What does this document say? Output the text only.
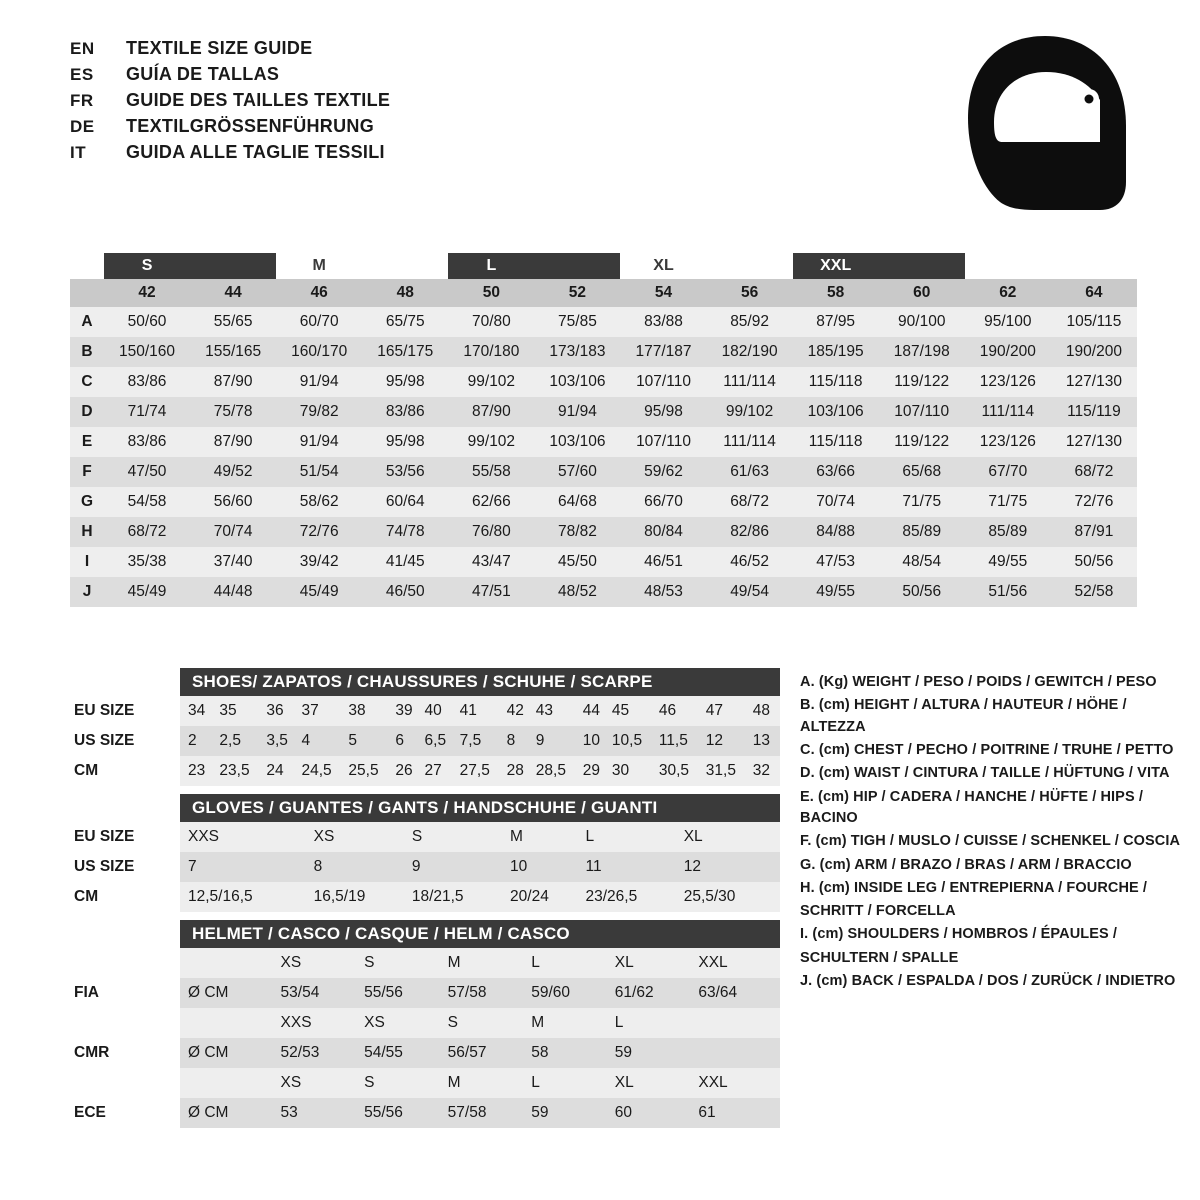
EN	TEXTILE SIZE GUIDE
ES	GUÍA DE TALLAS
FR	GUIDE DES TAILLES TEXTILE
DE	TEXTILGRÖSSENFÜHRUNG
IT	GUIDA ALLE TAGLIE TESSILI
	S		M		L		XL		XXL			
	42	44	46	48	50	52	54	56	58	60	62	64
A	50/60	55/65	60/70	65/75	70/80	75/85	83/88	85/92	87/95	90/100	95/100	105/115
B	150/160	155/165	160/170	165/175	170/180	173/183	177/187	182/190	185/195	187/198	190/200	190/200
C	83/86	87/90	91/94	95/98	99/102	103/106	107/110	111/114	115/118	119/122	123/126	127/130
D	71/74	75/78	79/82	83/86	87/90	91/94	95/98	99/102	103/106	107/110	111/114	115/119
E	83/86	87/90	91/94	95/98	99/102	103/106	107/110	111/114	115/118	119/122	123/126	127/130
F	47/50	49/52	51/54	53/56	55/58	57/60	59/62	61/63	63/66	65/68	67/70	68/72
G	54/58	56/60	58/62	60/64	62/66	64/68	66/70	68/72	70/74	71/75	71/75	72/76
H	68/72	70/74	72/76	74/78	76/80	78/82	80/84	82/86	84/88	85/89	85/89	87/91
I	35/38	37/40	39/42	41/45	43/47	45/50	46/51	46/52	47/53	48/54	49/55	50/56
J	45/49	44/48	45/49	46/50	47/51	48/52	48/53	49/54	49/55	50/56	51/56	52/58
SHOES/ ZAPATOS / CHAUSSURES / SCHUHE / SCARPE
EU SIZE	34	35	36	37	38	39	40	41	42	43	44	45	46	47	48
US SIZE	2	2,5	3,5	4	5	6	6,5	7,5	8	9	10	10,5	11,5	12	13
CM	23	23,5	24	24,5	25,5	26	27	27,5	28	28,5	29	30	30,5	31,5	32
GLOVES / GUANTES / GANTS / HANDSCHUHE / GUANTI
EU SIZE	XXS	XS	S	M	L	XL
US SIZE	7	8	9	10	11	12
CM	12,5/16,5	16,5/19	18/21,5	20/24	23/26,5	25,5/30
HELMET / CASCO / CASQUE / HELM / CASCO
		XS	S	M	L	XL	XXL
FIA	Ø CM	53/54	55/56	57/58	59/60	61/62	63/64
		XXS	XS	S	M	L	
CMR	Ø CM	52/53	54/55	56/57	58	59	
		XS	S	M	L	XL	XXL
ECE	Ø CM	53	55/56	57/58	59	60	61
A. (Kg) WEIGHT / PESO / POIDS / GEWITCH / PESO
B. (cm) HEIGHT / ALTURA / HAUTEUR / HÖHE / ALTEZZA
C. (cm) CHEST / PECHO / POITRINE / TRUHE / PETTO
D. (cm) WAIST / CINTURA / TAILLE / HÜFTUNG / VITA
E. (cm) HIP / CADERA / HANCHE / HÜFTE / HIPS / BACINO
F. (cm) TIGH / MUSLO / CUISSE / SCHENKEL / COSCIA
G. (cm) ARM / BRAZO / BRAS / ARM / BRACCIO
H. (cm) INSIDE LEG / ENTREPIERNA / FOURCHE /
SCHRITT / FORCELLA
I. (cm) SHOULDERS / HOMBROS / ÉPAULES /
SCHULTERN / SPALLE
J. (cm) BACK / ESPALDA / DOS / ZURÜCK / INDIETRO
